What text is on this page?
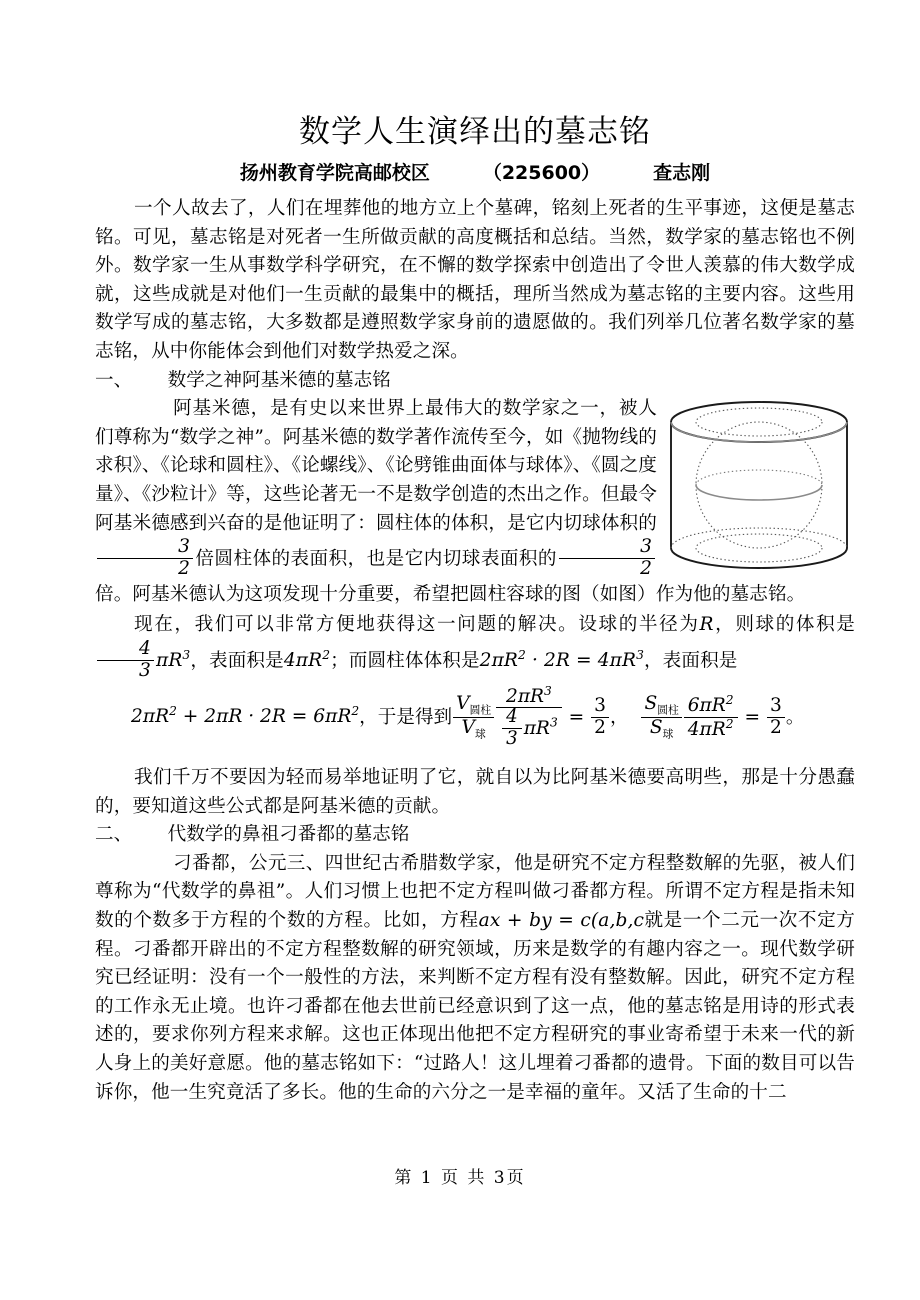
数学人生演绎出的墓志铭
扬州教育学院高邮校区        （225600）        查志刚

一个人故去了，人们在埋葬他的地方立上个墓碑，铭刻上死者的生平事迹，这便是墓志铭。可见，墓志铭是对死者一生所做贡献的高度概括和总结。当然，数学家的墓志铭也不例外。数学家一生从事数学科学研究，在不懈的数学探索中创造出了令世人羡慕的伟大数学成就，这些成就是对他们一生贡献的最集中的概括，理所当然成为墓志铭的主要内容。这些用数学写成的墓志铭，大多数都是遵照数学家身前的遗愿做的。我们列举几位著名数学家的墓志铭，从中你能体会到他们对数学热爱之深。

一、      数学之神阿基米德的墓志铭

阿基米德，是有史以来世界上最伟大的数学家之一，被人们尊称为“数学之神”。阿基米德的数学著作流传至今，如《抛物线的求积》、《论球和圆柱》、《论螺线》、《论劈锥曲面体与球体》、《圆之度量》、《沙粒计》等，这些论著无一不是数学创造的杰出之作。但最令阿基米德感到兴奋的是他证明了：圆柱体的体积，是它内切球体积的
$\frac{3}{2}$ 倍圆柱体的表面积，也是它内切球表面积的 $\frac{3}{2}$
倍。阿基米德认为这项发现十分重要，希望把圆柱容球的图（如图）作为他的墓志铭。

现在，我们可以非常方便地获得这一问题的解决。设球的半径为R，则球的体积是
$\frac{4}{3} \pi R^3$，表面积是$4\pi R^2$；而圆柱体体积是$2\pi R^2 \cdot 2R = 4\pi R^3$，表面积是

$2\pi R^2 + 2\pi R \cdot 2R = 6\pi R^2$，于是得到 $\frac{V_{圆柱}}{V_球} \frac{2\pi R^3}{\frac{4}{3} \pi R^3} = \frac{3}{2}$ ， $\frac{S_{圆柱}}{S_球} \frac{6\pi R^2}{4\pi R^2} = \frac{3}{2}$ 。

我们千万不要因为轻而易举地证明了它，就自以为比阿基米德要高明些，那是十分愚蠢的，要知道这些公式都是阿基米德的贡献。

二、      代数学的鼻祖刁番都的墓志铭

刁番都，公元三、四世纪古希腊数学家，他是研究不定方程整数解的先驱，被人们尊称为“代数学的鼻祖”。人们习惯上也把不定方程叫做刁番都方程。所谓不定方程是指未知数的个数多于方程的个数的方程。比如，方程ax + by = c(a,b,c就是一个二元一次不定方程。刁番都开辟出的不定方程整数解的研究领域，历来是数学的有趣内容之一。现代数学研究已经证明：没有一个一般性的方法，来判断不定方程有没有整数解。因此，研究不定方程的工作永无止境。也许刁番都在他去世前已经意识到了这一点，他的墓志铭是用诗的形式表述的，要求你列方程来求解。这也正体现出他把不定方程研究的事业寄希望于未来一代的新人身上的美好意愿。他的墓志铭如下：“过路人！这儿埋着刁番都的遗骨。下面的数目可以告诉你，他一生究竟活了多长。他的生命的六分之一是幸福的童年。又活了生命的十二

第 1 页 共 3页
